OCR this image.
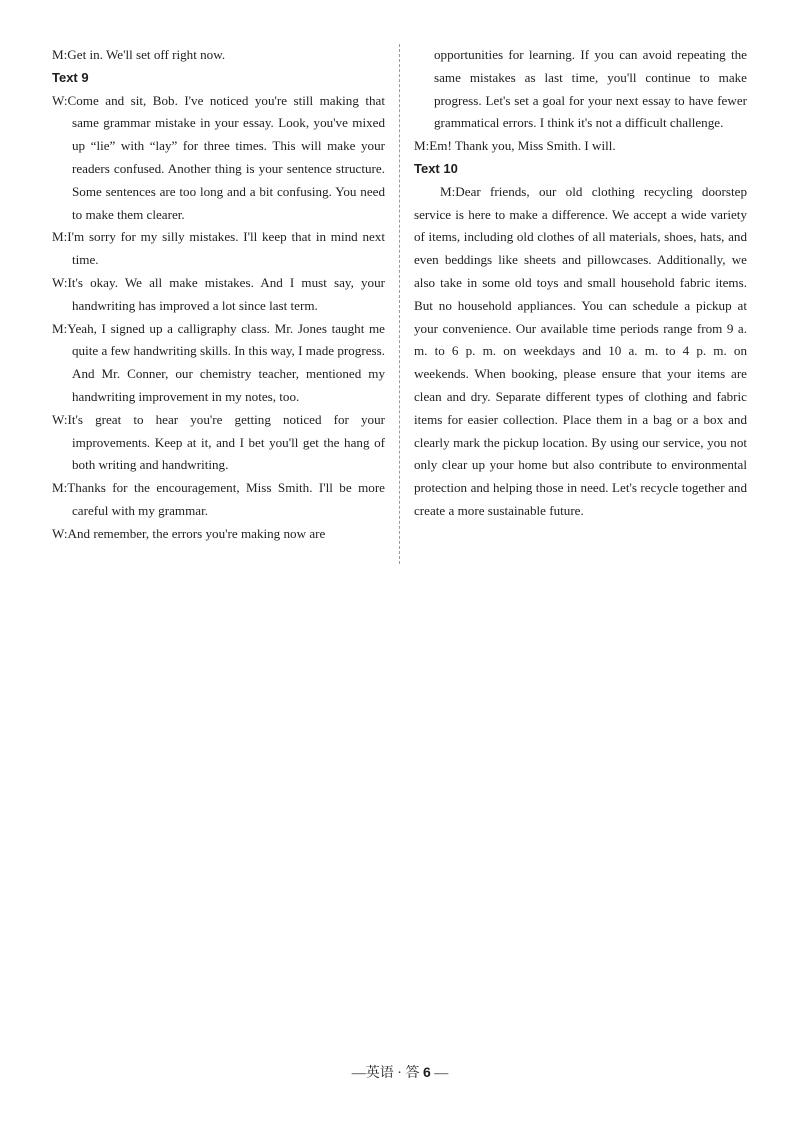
M:Get in. We'll set off right now.

Text 9

W:Come and sit, Bob. I've noticed you're still making that same grammar mistake in your essay. Look, you've mixed up “lie” with “lay” for three times. This will make your readers confused. Another thing is your sentence structure. Some sentences are too long and a bit confusing. You need to make them clearer.

M:I'm sorry for my silly mistakes. I'll keep that in mind next time.

W:It's okay. We all make mistakes. And I must say, your handwriting has improved a lot since last term.

M:Yeah, I signed up a calligraphy class. Mr. Jones taught me quite a few handwriting skills. In this way, I made progress. And Mr. Conner, our chemistry teacher, mentioned my handwriting improvement in my notes, too.

W:It's great to hear you're getting noticed for your improvements. Keep at it, and I bet you'll get the hang of both writing and handwriting.

M:Thanks for the encouragement, Miss Smith. I'll be more careful with my grammar.

W:And remember, the errors you're making now are

opportunities for learning. If you can avoid repeating the same mistakes as last time, you'll continue to make progress. Let's set a goal for your next essay to have fewer grammatical errors. I think it's not a difficult challenge.

M:Em! Thank you, Miss Smith. I will.

Text 10

M:Dear friends, our old clothing recycling doorstep service is here to make a difference. We accept a wide variety of items, including old clothes of all materials, shoes, hats, and even beddings like sheets and pillowcases. Additionally, we also take in some old toys and small household fabric items. But no household appliances. You can schedule a pickup at your convenience. Our available time periods range from 9 a. m. to 6 p. m. on weekdays and 10 a. m. to 4 p. m. on weekends. When booking, please ensure that your items are clean and dry. Separate different types of clothing and fabric items for easier collection. Place them in a bag or a box and clearly mark the pickup location. By using our service, you not only clear up your home but also contribute to environmental protection and helping those in need. Let's recycle together and create a more sustainable future.

—英语 · 答 6 —
